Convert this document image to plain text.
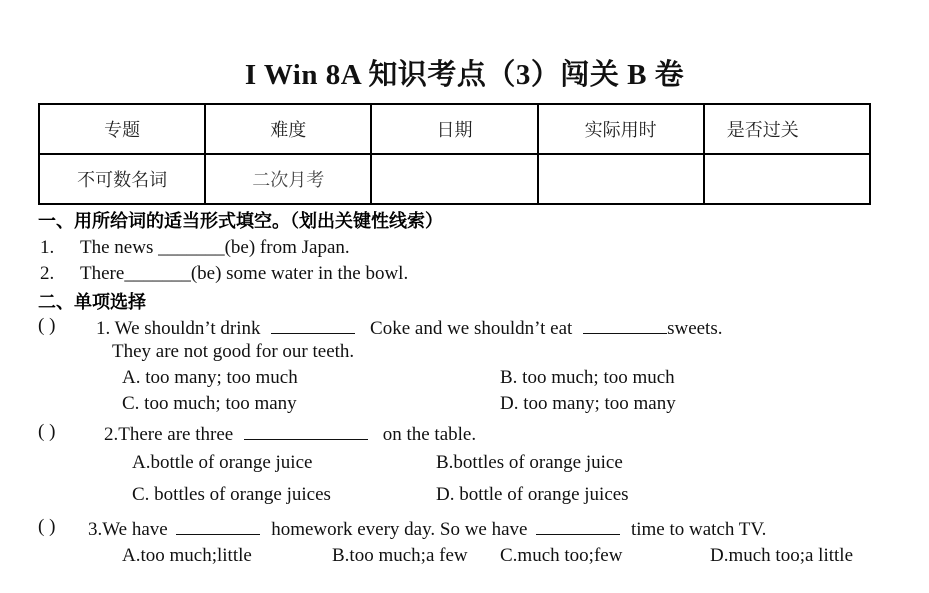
I Win 8A 知识考点（3）闯关 B 卷
专题	难度	日期	实际用时	是否过关
不可数名词	二次月考			
一、用所给词的适当形式填空。（划出关键性线索）
1. The news _______(be) from Japan.
2. There_______(be) some water in the bowl.
二、单项选择
( ) 1. We shouldn’t drink	Coke and we shouldn’t eat	sweets.
They are not good for our teeth.
A. too many; too much	B. too much; too much
C. too much; too many	D. too many; too many
( )	2.There are three	on the table.
A.bottle of orange juice	B.bottles of orange juice
C. bottles of orange juices	D. bottle of orange juices
( ) 3.We have	homework every day. So we have	time to watch TV.
A.too much;little	B.too much;a few C.much too;few	D.much too;a little
